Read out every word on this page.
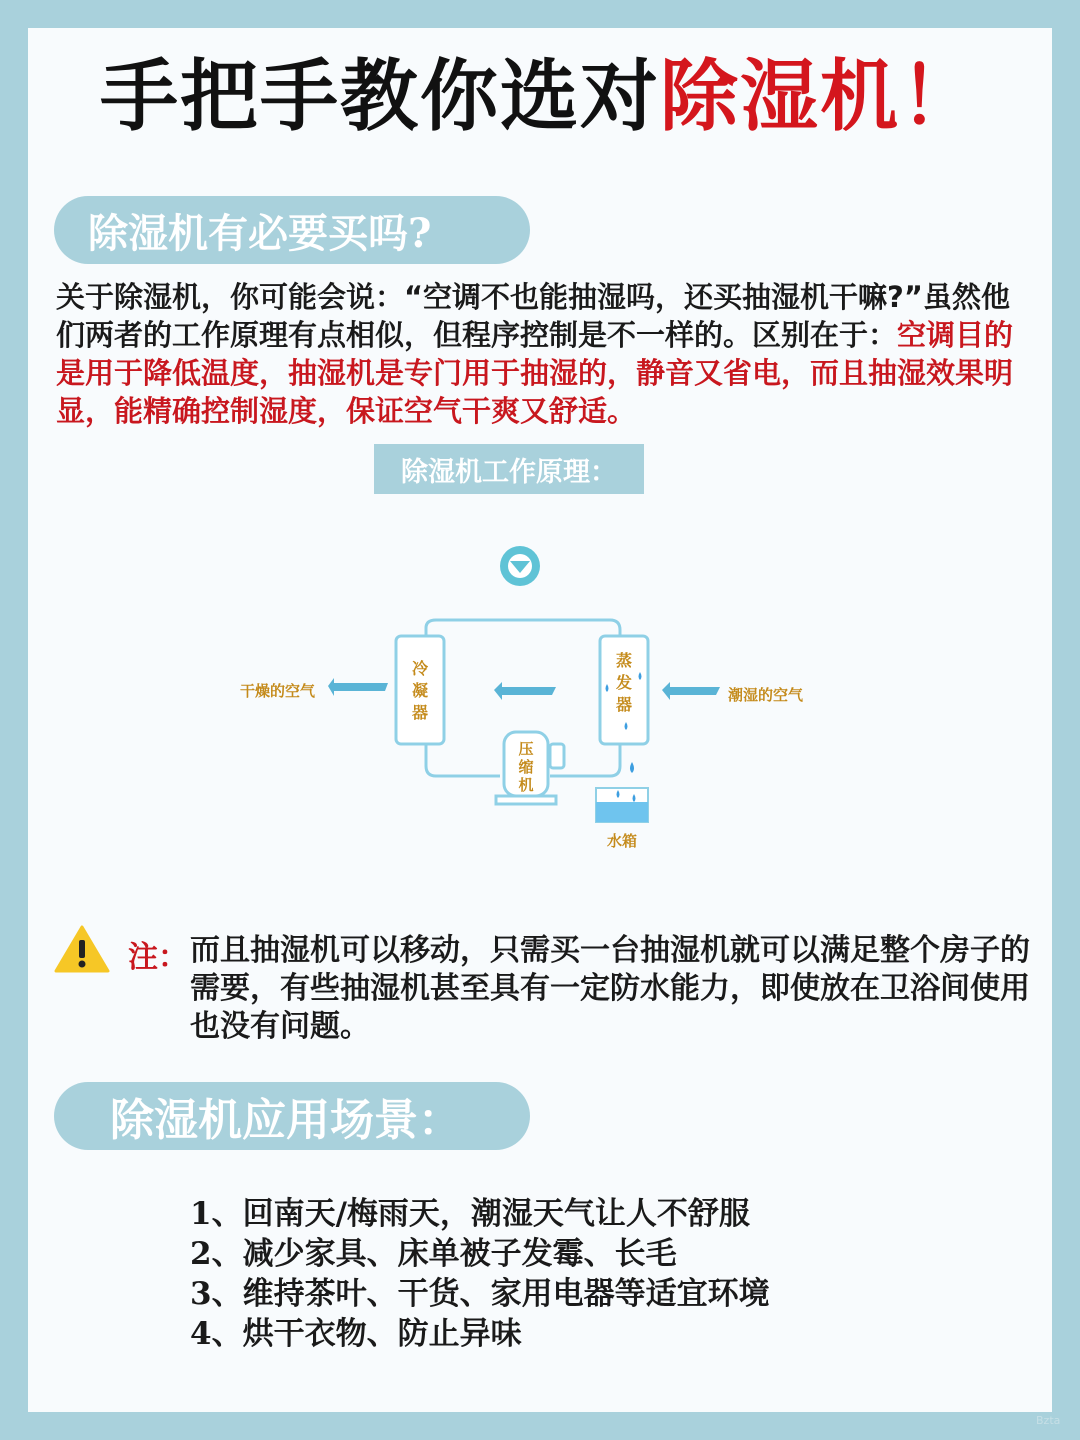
手把手教你选对除湿机！
除湿机有必要买吗?
关于除湿机，你可能会说：“空调不也能抽湿吗，还买抽湿机干嘛?”虽然他们两者的工作原理有点相似，但程序控制是不一样的。区别在于：空调目的是用于降低温度，抽湿机是专门用于抽湿的，静音又省电，而且抽湿效果明显，能精确控制湿度，保证空气干爽又舒适。
除湿机工作原理：
冷
凝
器
蒸
发
器
压
缩
机
水箱
干燥的空气	潮湿的空气
注： 而且抽湿机可以移动，只需买一台抽湿机就可以满足整个房子的需要，有些抽湿机甚至具有一定防水能力，即使放在卫浴间使用也没有问题。
除湿机应用场景：
1、回南天/梅雨天，潮湿天气让人不舒服
2、减少家具、床单被子发霉、长毛
3、维持茶叶、干货、家用电器等适宜环境
4、烘干衣物、防止异味
Bzta
